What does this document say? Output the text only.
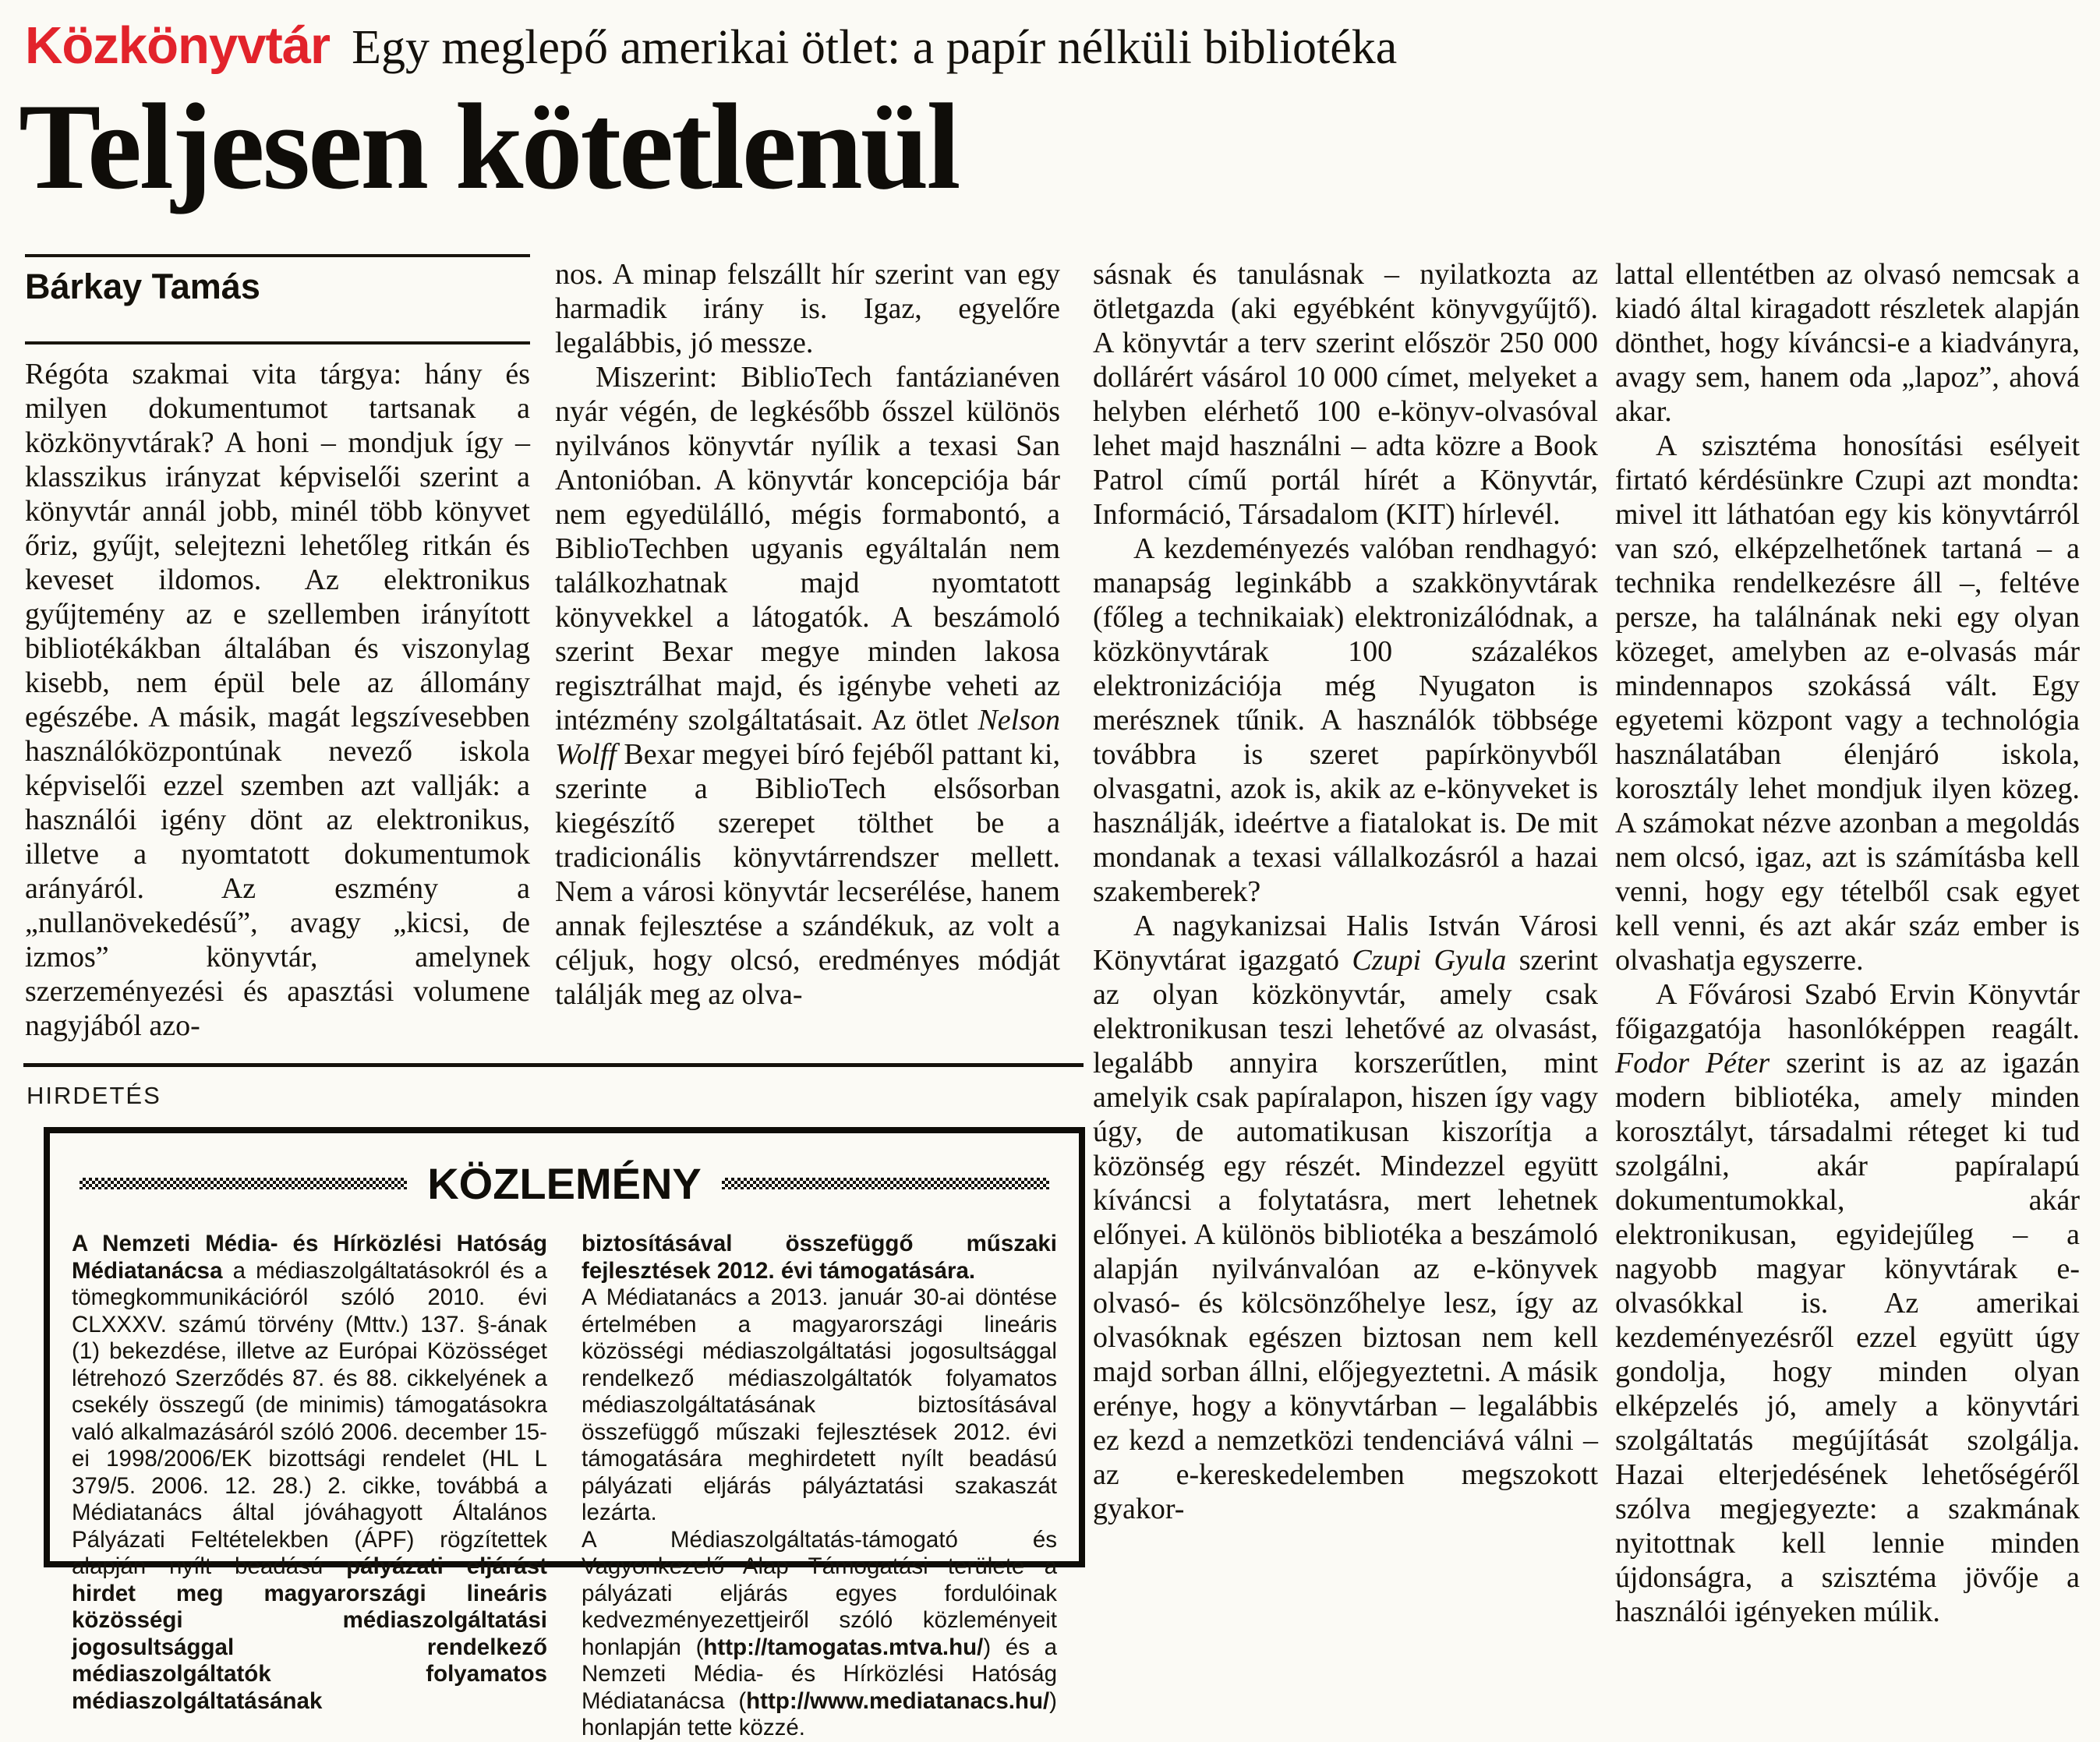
Közkönyvtár Egy meglepő amerikai ötlet: a papír nélküli bibliotéka
Teljesen kötetlenül
Bárkay Tamás

Régóta szakmai vita tárgya: hány és milyen dokumentumot tartsanak a közkönyvtárak? A honi – mondjuk így – klasszikus irányzat képviselői szerint a könyvtár annál jobb, minél több könyvet őriz, gyűjt, selejtezni lehetőleg ritkán és keveset ildomos. Az elektronikus gyűjtemény az e szellemben irányított bibliotékákban általában és viszonylag kisebb, nem épül bele az állomány egészébe. A másik, magát legszívesebben használóközpontúnak nevező iskola képviselői ezzel szemben azt vallják: a használói igény dönt az elektronikus, illetve a nyomtatott dokumentumok arányáról. Az eszmény a „nullanövekedésű”, avagy „kicsi, de izmos” könyvtár, amelynek szerzeményezési és apasztási volumene nagyjából azo-

nos. A minap felszállt hír szerint van egy harmadik irány is. Igaz, egyelőre legalábbis, jó messze.

Miszerint: BiblioTech fantázianéven nyár végén, de legkésőbb ősszel különös nyilvános könyvtár nyílik a texasi San Antonióban. A könyvtár koncepciója bár nem egyedülálló, mégis formabontó, a BiblioTechben ugyanis egyáltalán nem találkozhatnak majd nyomtatott könyvekkel a látogatók. A beszámoló szerint Bexar megye minden lakosa regisztrálhat majd, és igénybe veheti az intézmény szolgáltatásait. Az ötlet Nelson Wolff Bexar megyei bíró fejéből pattant ki, szerinte a BiblioTech elsősorban kiegészítő szerepet tölthet be a tradicionális könyvtárrendszer mellett. Nem a városi könyvtár lecserélése, hanem annak fejlesztése a szándékuk, az volt a céljuk, hogy olcsó, eredményes módját találják meg az olva-

sásnak és tanulásnak – nyilatkozta az ötletgazda (aki egyébként könyvgyűjtő). A könyvtár a terv szerint először 250 000 dollárért vásárol 10 000 címet, melyeket a helyben elérhető 100 e-könyv-olvasóval lehet majd használni – adta közre a Book Patrol című portál hírét a Könyvtár, Információ, Társadalom (KIT) hírlevél.

A kezdeményezés valóban rendhagyó: manapság leginkább a szakkönyvtárak (főleg a technikaiak) elektronizálódnak, a közkönyvtárak 100 százalékos elektronizációja még Nyugaton is merésznek tűnik. A használók többsége továbbra is szeret papírkönyvből olvasgatni, azok is, akik az e-könyveket is használják, ideértve a fiatalokat is. De mit mondanak a texasi vállalkozásról a hazai szakemberek?

A nagykanizsai Halis István Városi Könyvtárat igazgató Czupi Gyula szerint az olyan közkönyvtár, amely csak elektronikusan teszi lehetővé az olvasást, legalább annyira korszerűtlen, mint amelyik csak papíralapon, hiszen így vagy úgy, de automatikusan kiszorítja a közönség egy részét. Mindezzel együtt kíváncsi a folytatásra, mert lehetnek előnyei. A különös bibliotéka a beszámoló alapján nyilvánvalóan az e-könyvek olvasó- és kölcsönzőhelye lesz, így az olvasóknak egészen biztosan nem kell majd sorban állni, előjegyeztetni. A másik erénye, hogy a könyvtárban – legalábbis ez kezd a nemzetközi tendenciává válni – az e-kereskedelemben megszokott gyakor-

lattal ellentétben az olvasó nemcsak a kiadó által kiragadott részletek alapján dönthet, hogy kíváncsi-e a kiadványra, avagy sem, hanem oda „lapoz”, ahová akar.

A szisztéma honosítási esélyeit firtató kérdésünkre Czupi azt mondta: mivel itt láthatóan egy kis könyvtárról van szó, elképzelhetőnek tartaná – a technika rendelkezésre áll –, feltéve persze, ha találnának neki egy olyan közeget, amelyben az e-olvasás már mindennapos szokássá vált. Egy egyetemi központ vagy a technológia használatában élenjáró iskola, korosztály lehet mondjuk ilyen közeg. A számokat nézve azonban a megoldás nem olcsó, igaz, azt is számításba kell venni, hogy egy tételből csak egyet kell venni, és azt akár száz ember is olvashatja egyszerre.

A Fővárosi Szabó Ervin Könyvtár főigazgatója hasonlóképpen reagált. Fodor Péter szerint is az az igazán modern bibliotéka, amely minden korosztályt, társadalmi réteget ki tud szolgálni, akár papíralapú dokumentumokkal, akár elektronikusan, egyidejűleg – a nagyobb magyar könyvtárak e-olvasókkal is. Az amerikai kezdeményezésről ezzel együtt úgy gondolja, hogy minden olyan elképzelés jó, amely a könyvtári szolgáltatás megújítását szolgálja. Hazai elterjedésének lehetőségéről szólva megjegyezte: a szakmának nyitottnak kell lennie minden újdonságra, a szisztéma jövője a használói igényeken múlik.

HIRDETÉS
KÖZLEMÉNY

A Nemzeti Média- és Hírközlési Hatóság Médiatanácsa a médiaszolgáltatásokról és a tömegkommunikációról szóló 2010. évi CLXXXV. számú törvény (Mttv.) 137. §-ának (1) bekezdése, illetve az Európai Közösséget létrehozó Szerződés 87. és 88. cikkelyének a csekély összegű (de minimis) támogatásokra való alkalmazásáról szóló 2006. december 15-ei 1998/2006/EK bizottsági rendelet (HL L 379/5. 2006. 12. 28.) 2. cikke, továbbá a Médiatanács által jóváhagyott Általános Pályázati Feltételekben (ÁPF) rögzítettek alapján nyílt beadású pályázati eljárást hirdet meg magyarországi lineáris közösségi médiaszolgáltatási jogosultsággal rendelkező médiaszolgáltatók folyamatos médiaszolgáltatásának

biztosításával összefüggő műszaki fejlesztések 2012. évi támogatására.

A Médiatanács a 2013. január 30-ai döntése értelmében a magyarországi lineáris közösségi médiaszolgáltatási jogosultsággal rendelkező médiaszolgáltatók folyamatos médiaszolgáltatásának biztosításával összefüggő műszaki fejlesztések 2012. évi támogatására meghirdetett nyílt beadású pályázati eljárás pályáztatási szakaszát lezárta.

A Médiaszolgáltatás-támogató és Vagyonkezelő Alap Támogatási területe a pályázati eljárás egyes fordulóinak kedvezményezettjeiről szóló közleményeit honlapján (http://tamogatas.mtva.hu/) és a Nemzeti Média- és Hírközlési Hatóság Médiatanácsa (http://www.mediatanacs.hu/) honlapján tette közzé.
